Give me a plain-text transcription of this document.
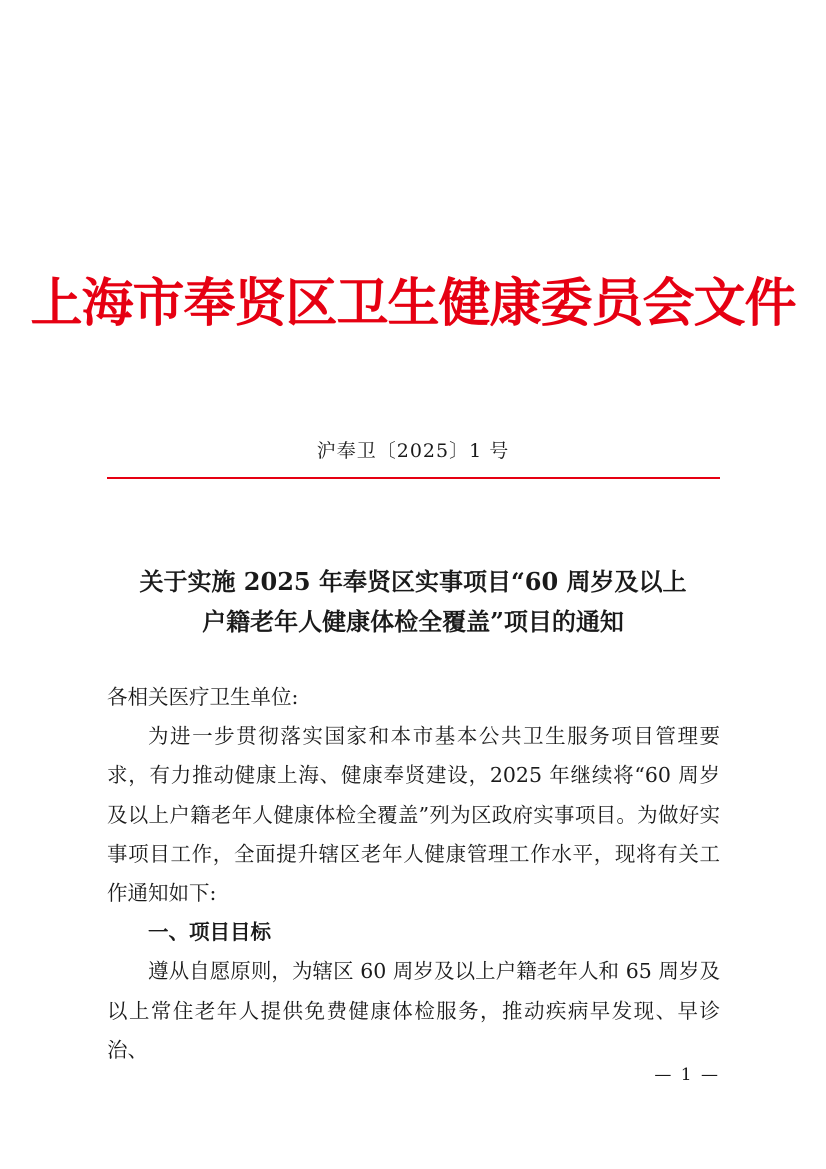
上海市奉贤区卫生健康委员会文件
沪奉卫〔2025〕1 号
关于实施 2025 年奉贤区实事项目“60 周岁及以上
户籍老年人健康体检全覆盖”项目的通知

各相关医疗卫生单位:

为进一步贯彻落实国家和本市基本公共卫生服务项目管理要求，有力推动健康上海、健康奉贤建设，2025 年继续将“60 周岁及以上户籍老年人健康体检全覆盖”列为区政府实事项目。为做好实事项目工作，全面提升辖区老年人健康管理工作水平，现将有关工作通知如下:

一、项目目标

遵从自愿原则，为辖区 60 周岁及以上户籍老年人和 65 周岁及以上常住老年人提供免费健康体检服务，推动疾病早发现、早诊治、

— 1 —
